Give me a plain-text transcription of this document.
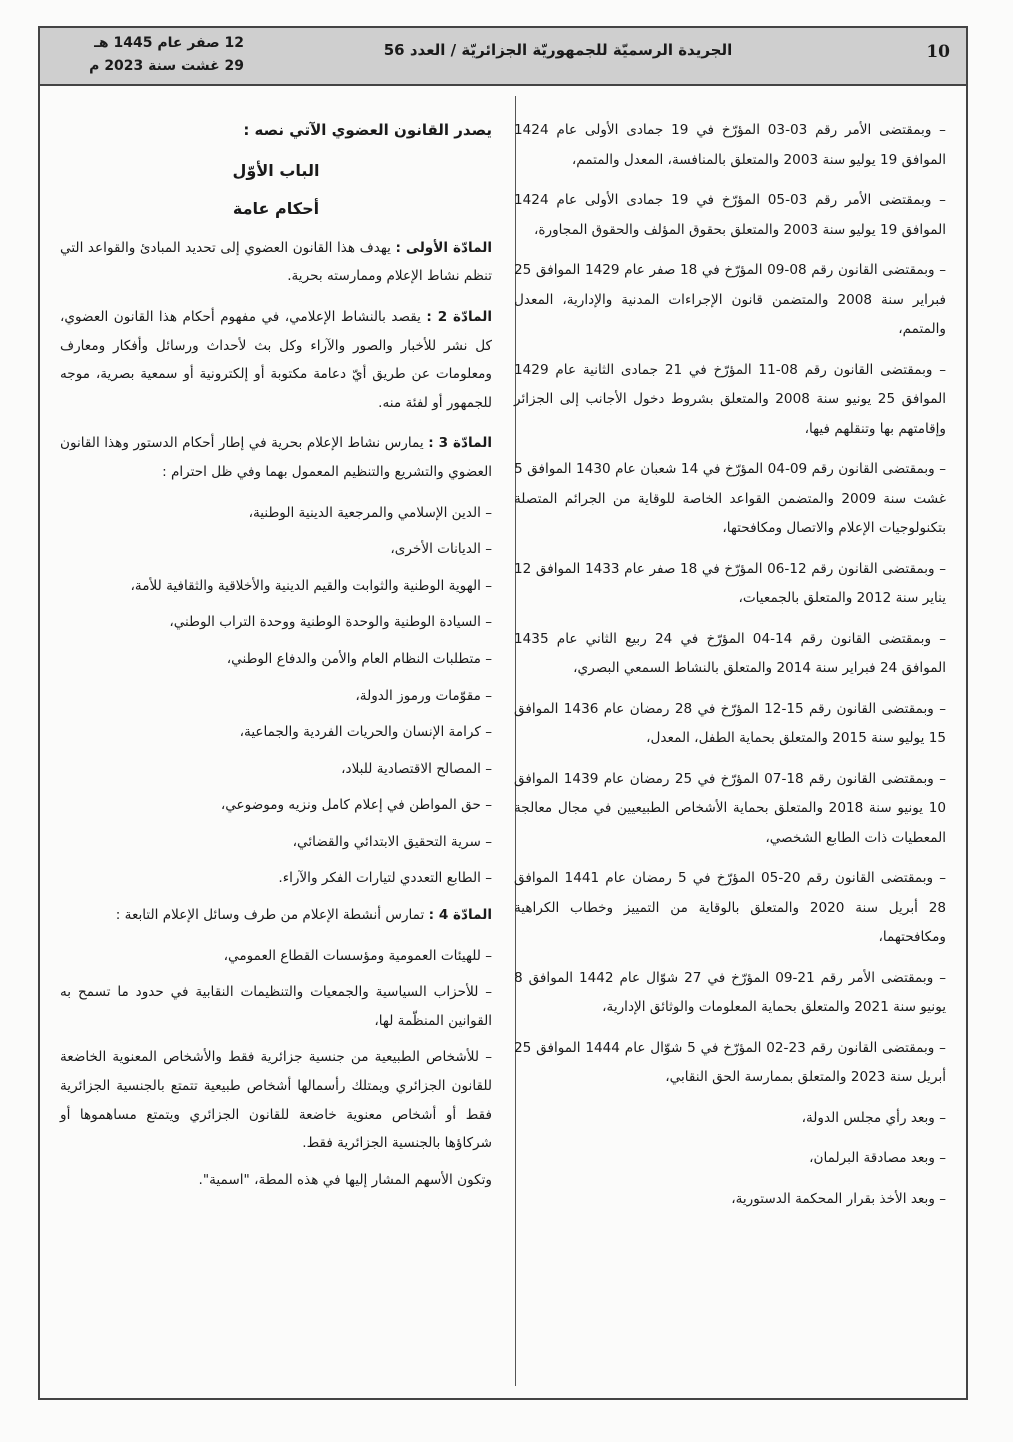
10
الجريدة الرسميّة للجمهوريّة الجزائريّة / العدد 56
12 صفر عام 1445 هـ
29 غشت سنة 2023 م

– وبمقتضى الأمر رقم 03-03 المؤرّخ في 19 جمادى الأولى عام 1424 الموافق 19 يوليو سنة 2003 والمتعلق بالمنافسة، المعدل والمتمم،

– وبمقتضى الأمر رقم 03-05 المؤرّخ في 19 جمادى الأولى عام 1424 الموافق 19 يوليو سنة 2003 والمتعلق بحقوق المؤلف والحقوق المجاورة،

– وبمقتضى القانون رقم 08-09 المؤرّخ في 18 صفر عام 1429 الموافق 25 فبراير سنة 2008 والمتضمن قانون الإجراءات المدنية والإدارية، المعدل والمتمم،

– وبمقتضى القانون رقم 08-11 المؤرّخ في 21 جمادى الثانية عام 1429 الموافق 25 يونيو سنة 2008 والمتعلق بشروط دخول الأجانب إلى الجزائر وإقامتهم بها وتنقلهم فيها،

– وبمقتضى القانون رقم 09-04 المؤرّخ في 14 شعبان عام 1430 الموافق 5 غشت سنة 2009 والمتضمن القواعد الخاصة للوقاية من الجرائم المتصلة بتكنولوجيات الإعلام والاتصال ومكافحتها،

– وبمقتضى القانون رقم 12-06 المؤرّخ في 18 صفر عام 1433 الموافق 12 يناير سنة 2012 والمتعلق بالجمعيات،

– وبمقتضى القانون رقم 14-04 المؤرّخ في 24 ربيع الثاني عام 1435 الموافق 24 فبراير سنة 2014 والمتعلق بالنشاط السمعي البصري،

– وبمقتضى القانون رقم 15-12 المؤرّخ في 28 رمضان عام 1436 الموافق 15 يوليو سنة 2015 والمتعلق بحماية الطفل، المعدل،

– وبمقتضى القانون رقم 18-07 المؤرّخ في 25 رمضان عام 1439 الموافق 10 يونيو سنة 2018 والمتعلق بحماية الأشخاص الطبيعيين في مجال معالجة المعطيات ذات الطابع الشخصي،

– وبمقتضى القانون رقم 20-05 المؤرّخ في 5 رمضان عام 1441 الموافق 28 أبريل سنة 2020 والمتعلق بالوقاية من التمييز وخطاب الكراهية ومكافحتهما،

– وبمقتضى الأمر رقم 21-09 المؤرّخ في 27 شوّال عام 1442 الموافق 8 يونيو سنة 2021 والمتعلق بحماية المعلومات والوثائق الإدارية،

– وبمقتضى القانون رقم 23-02 المؤرّخ في 5 شوّال عام 1444 الموافق 25 أبريل سنة 2023 والمتعلق بممارسة الحق النقابي،

– وبعد رأي مجلس الدولة،

– وبعد مصادقة البرلمان،

– وبعد الأخذ بقرار المحكمة الدستورية،

يصدر القانون العضوي الآتي نصه :

الباب الأوّل

أحكام عامة

المادّة الأولى : يهدف هذا القانون العضوي إلى تحديد المبادئ والقواعد التي تنظم نشاط الإعلام وممارسته بحرية.

المادّة 2 : يقصد بالنشاط الإعلامي، في مفهوم أحكام هذا القانون العضوي، كل نشر للأخبار والصور والآراء وكل بث لأحداث ورسائل وأفكار ومعارف ومعلومات عن طريق أيّ دعامة مكتوبة أو إلكترونية أو سمعية بصرية، موجه للجمهور أو لفئة منه.

المادّة 3 : يمارس نشاط الإعلام بحرية في إطار أحكام الدستور وهذا القانون العضوي والتشريع والتنظيم المعمول بهما وفي ظل احترام :

– الدين الإسلامي والمرجعية الدينية الوطنية،

– الديانات الأخرى،

– الهوية الوطنية والثوابت والقيم الدينية والأخلاقية والثقافية للأمة،

– السيادة الوطنية والوحدة الوطنية ووحدة التراب الوطني،

– متطلبات النظام العام والأمن والدفاع الوطني،

– مقوّمات ورموز الدولة،

– كرامة الإنسان والحريات الفردية والجماعية،

– المصالح الاقتصادية للبلاد،

– حق المواطن في إعلام كامل ونزيه وموضوعي،

– سرية التحقيق الابتدائي والقضائي،

– الطابع التعددي لتيارات الفكر والآراء.

المادّة 4 : تمارس أنشطة الإعلام من طرف وسائل الإعلام التابعة :

– للهيئات العمومية ومؤسسات القطاع العمومي،

– للأحزاب السياسية والجمعيات والتنظيمات النقابية في حدود ما تسمح به القوانين المنظّمة لها،

– للأشخاص الطبيعية من جنسية جزائرية فقط والأشخاص المعنوية الخاضعة للقانون الجزائري ويمتلك رأسمالها أشخاص طبيعية تتمتع بالجنسية الجزائرية فقط أو أشخاص معنوية خاضعة للقانون الجزائري ويتمتع مساهموها أو شركاؤها بالجنسية الجزائرية فقط.

وتكون الأسهم المشار إليها في هذه المطة، "اسمية".
